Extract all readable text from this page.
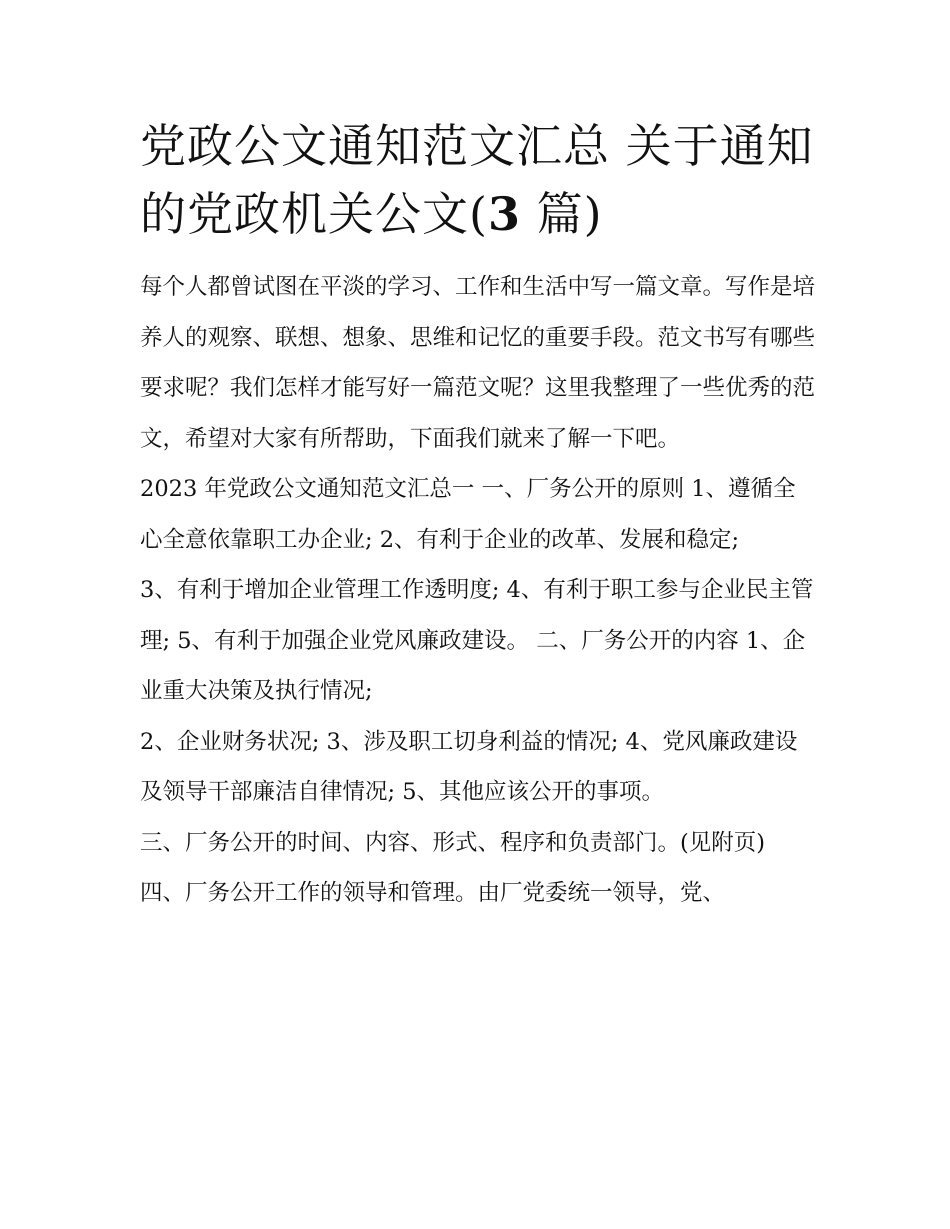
党政公文通知范文汇总 关于通知的党政机关公文(3 篇)

每个人都曾试图在平淡的学习、工作和生活中写一篇文章。写作是培养人的观察、联想、想象、思维和记忆的重要手段。范文书写有哪些要求呢？我们怎样才能写好一篇范文呢？这里我整理了一些优秀的范文，希望对大家有所帮助，下面我们就来了解一下吧。

2023 年党政公文通知范文汇总一 一、厂务公开的原则 1、遵循全心全意依靠职工办企业; 2、有利于企业的改革、发展和稳定;

3、有利于增加企业管理工作透明度; 4、有利于职工参与企业民主管理; 5、有利于加强企业党风廉政建设。 二、厂务公开的内容 1、企业重大决策及执行情况;

2、企业财务状况; 3、涉及职工切身利益的情况; 4、党风廉政建设及领导干部廉洁自律情况; 5、其他应该公开的事项。

三、厂务公开的时间、内容、形式、程序和负责部门。(见附页)

四、厂务公开工作的领导和管理。由厂党委统一领导，党、
